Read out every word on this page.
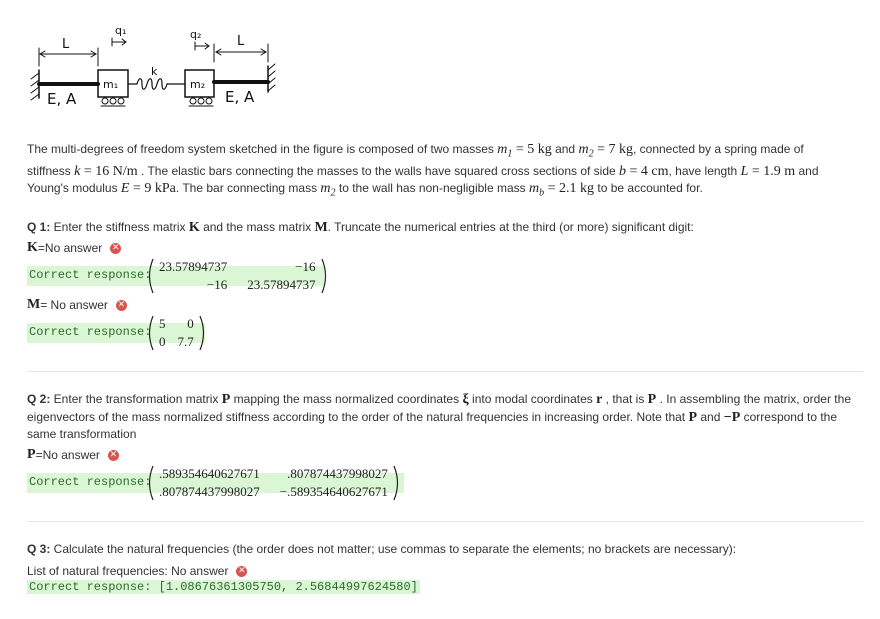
L	L
q₁	q₂
k
m₁	m₂
E, A	E, A
The multi-degrees of freedom system sketched in the figure is composed of two masses $m_1 = 5$ kg and $m_2 = 7$ kg, connected by a spring made of
stiffness k = 16 N/m . The elastic bars connecting the masses to the walls have squared cross sections of side b = 4 cm, have length L = 1.9 m and
Young's modulus E = 9 kPa. The bar connecting mass $m_2$ to the wall has non-negligible mass $m_b = 2.1$ kg to be accounted for.
Q 1: Enter the stiffness matrix K and the mass matrix M. Truncate the numerical entries at the third (or more) significant digit:
K =No answer ✕
Correct response:
23.57894737	−16
−16 23.57894737
M = No answer ✕
Correct response:
5	0
0 7.7
Q 2: Enter the transformation matrix P mapping the mass normalized coordinates ξ into modal coordinates r , that is P . In assembling the matrix, order the
eigenvectors of the mass normalized stiffness according to the order of the natural frequencies in increasing order. Note that P and −P correspond to the
same transformation
P =No answer ✕
Correct response:
.589354640627671	.807874437998027
.807874437998027 −.589354640627671
Q 3: Calculate the natural frequencies (the order does not matter; use commas to separate the elements; no brackets are necessary):
List of natural frequencies: No answer ✕
Correct response: [1.08676361305750, 2.56844997624580]
